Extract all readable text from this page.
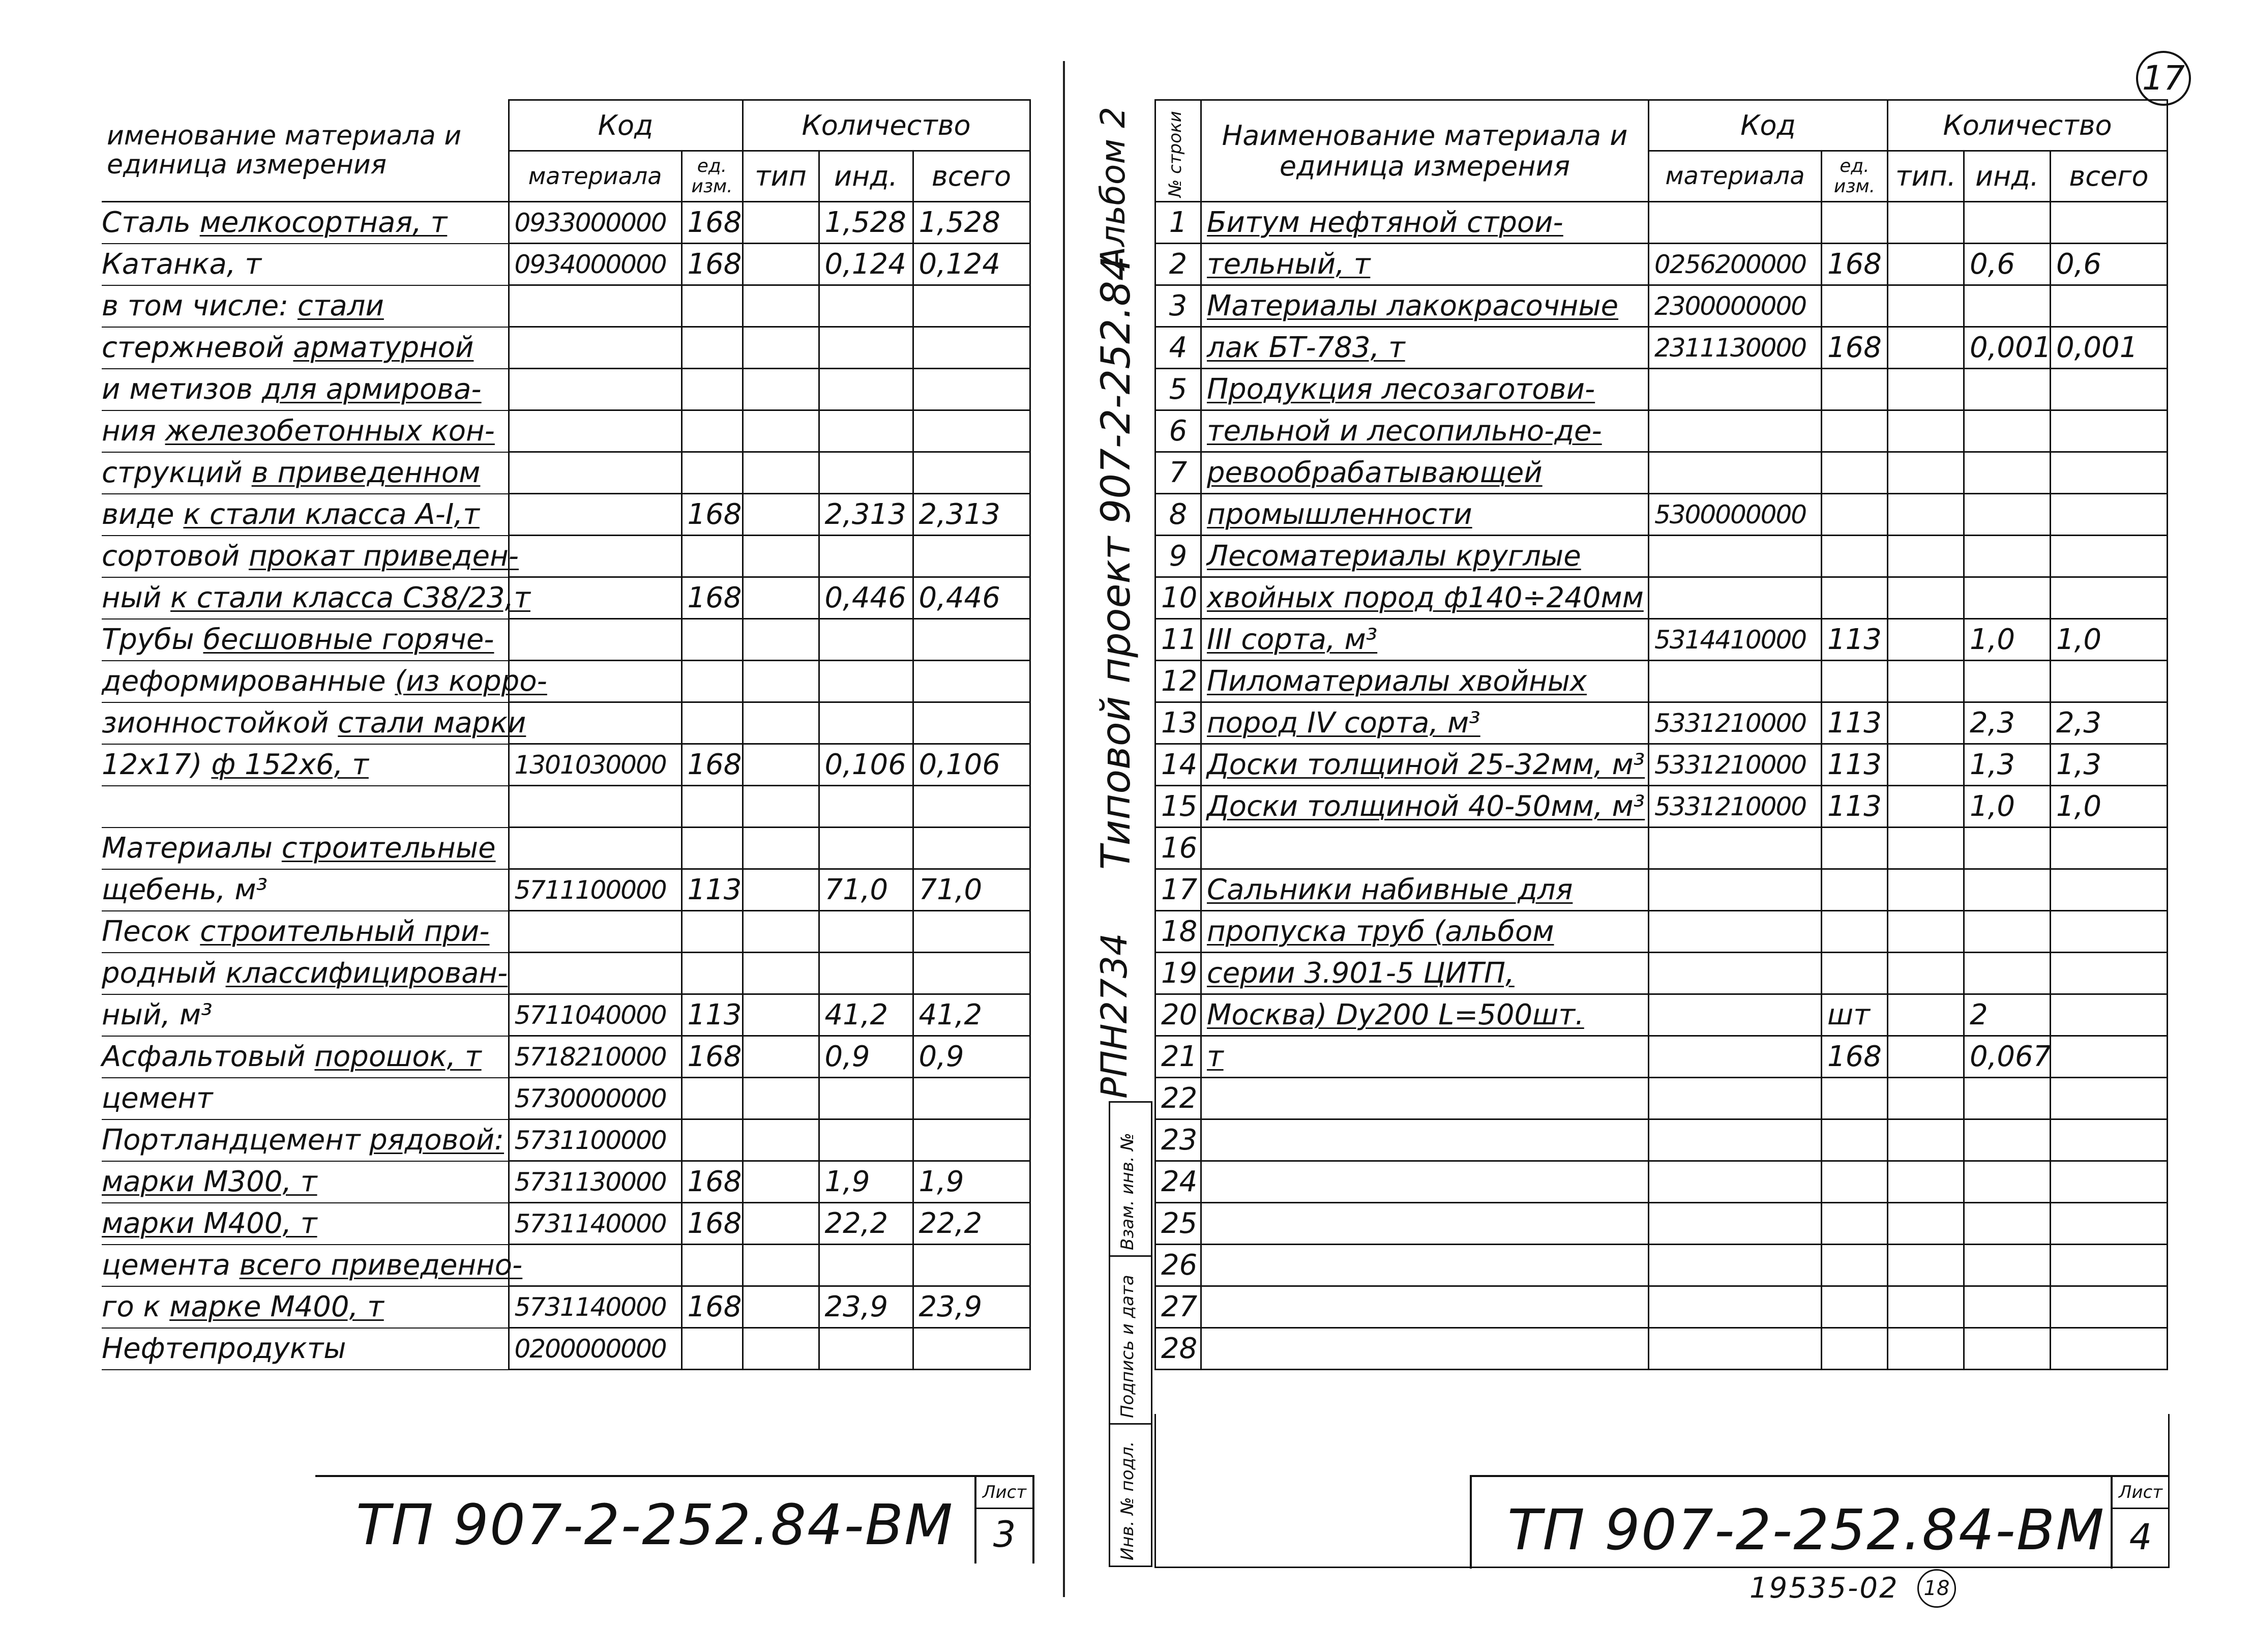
именование материала и единица измерения	Код		Количество		
	материала	ед. изм.	тип	инд.	всего
Сталь мелкосортная, т	0933000000	168		1,528	1,528
Катанка, т	0934000000	168		0,124	0,124
в том числе: стали					
стержневой арматурной					
и метизов для армирова-					
ния железобетонных кон-					
струкций в приведенном					
виде к стали класса А-I,т		168		2,313	2,313
сортовой прокат приведен-					
ный к стали класса С38/23,т		168		0,446	0,446
Трубы бесшовные горяче-					
деформированные (из корро-					
зионностойкой стали марки					
12х17) ф 152х6, т	1301030000	168		0,106	0,106

Материалы строительные					
щебень, м³	5711100000	113		71,0	71,0
Песок строительный при-					
родный классифицирован-					
ный, м³	5711040000	113		41,2	41,2
Асфальтовый порошок, т	5718210000	168		0,9	0,9
цемент	5730000000				
Портландцемент рядовой:	5731100000				
марки М300, т	5731130000	168		1,9	1,9
марки М400, т	5731140000	168		22,2	22,2
цемента всего приведенно-					
го к марке М400, т	5731140000	168		23,9	23,9
Нефтепродукты	0200000000				
ТП 907-2-252.84-ВМ	Лист
3
Альбом 2
Типовой проект 907-2-252.84
РПН2734
17
Взам. инв. №
Подпись и дата
Инв. № подл.
№ строки	Наименование материала и единица измерения	Код		Количество		
		материала	ед. изм.	тип.	инд.	всего
1	Битум нефтяной строи-					
2	тельный, т	0256200000	168		0,6	0,6
3	Материалы лакокрасочные	2300000000				
4	лак БТ-783, т	2311130000	168		0,001	0,001
5	Продукция лесозаготови-					
6	тельной и лесопильно-де-					
7	ревообрабатывающей					
8	промышленности	5300000000				
9	Лесоматериалы круглые					
10	хвойных пород ф140÷240мм					
11	III сорта, м³	5314410000	113		1,0	1,0
12	Пиломатериалы хвойных					
13	пород IV сорта, м³	5331210000	113		2,3	2,3
14	Доски толщиной 25-32мм, м³	5331210000	113		1,3	1,3
15	Доски толщиной 40-50мм, м³	5331210000	113		1,0	1,0
16						
17	Сальники набивные для					
18	пропуска труб (альбом					
19	серии 3.901-5 ЦИТП,					
20	Москва) Dу200 L=500шт.		шт		2	
21	т		168		0,067	
22						
23						
24						
25						
26						
27						
28						
ТП 907-2-252.84-ВМ
Лист
4
19535-02	18
